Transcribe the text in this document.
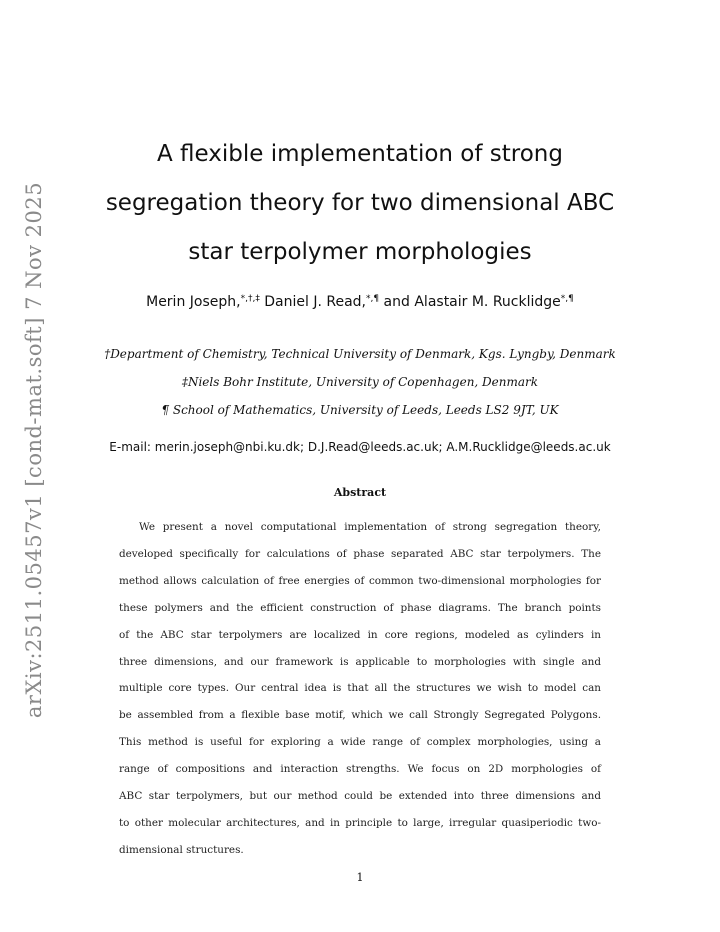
arXiv:2511.05457v1 [cond-mat.soft] 7 Nov 2025
A flexible implementation of strong
segregation theory for two dimensional ABC
star terpolymer morphologies
Merin Joseph,*,†,‡ Daniel J. Read,*,¶ and Alastair M. Rucklidge*,¶
†Department of Chemistry, Technical University of Denmark, Kgs. Lyngby, Denmark
‡Niels Bohr Institute, University of Copenhagen, Denmark
¶ School of Mathematics, University of Leeds, Leeds LS2 9JT, UK
E-mail: merin.joseph@nbi.ku.dk; D.J.Read@leeds.ac.uk; A.M.Rucklidge@leeds.ac.uk
Abstract
We present a novel computational implementation of strong segregation theory,
developed specifically for calculations of phase separated ABC star terpolymers. The
method allows calculation of free energies of common two-dimensional morphologies for
these polymers and the efficient construction of phase diagrams. The branch points
of the ABC star terpolymers are localized in core regions, modeled as cylinders in
three dimensions, and our framework is applicable to morphologies with single and
multiple core types. Our central idea is that all the structures we wish to model can
be assembled from a flexible base motif, which we call Strongly Segregated Polygons.
This method is useful for exploring a wide range of complex morphologies, using a
range of compositions and interaction strengths. We focus on 2D morphologies of
ABC star terpolymers, but our method could be extended into three dimensions and
to other molecular architectures, and in principle to large, irregular quasiperiodic two-
dimensional structures.
1
